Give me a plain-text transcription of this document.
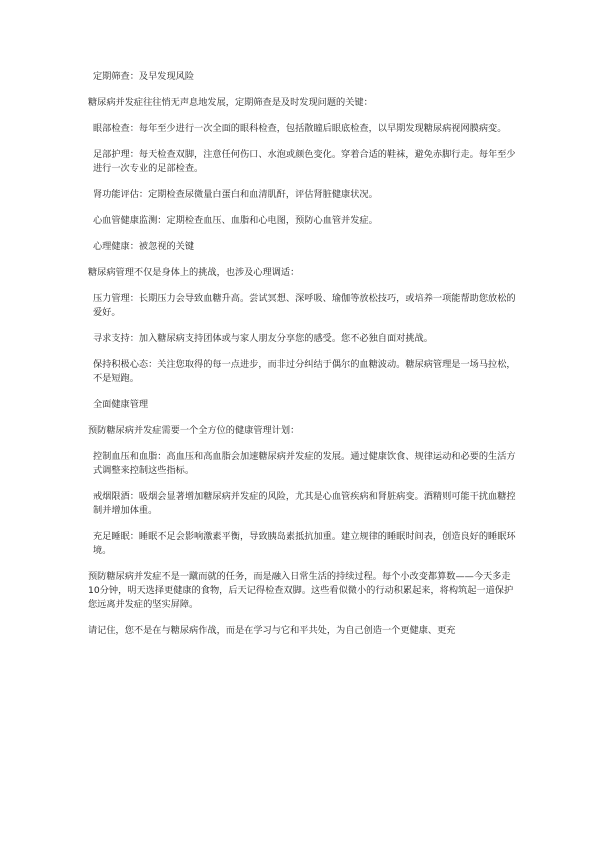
定期筛查：及早发现风险

糖尿病并发症往往悄无声息地发展，定期筛查是及时发现问题的关键：

眼部检查：每年至少进行一次全面的眼科检查，包括散瞳后眼底检查，以早期发现糖尿病视网膜病变。

足部护理：每天检查双脚，注意任何伤口、水泡或颜色变化。穿着合适的鞋袜，避免赤脚行走。每年至少进行一次专业的足部检查。

肾功能评估：定期检查尿微量白蛋白和血清肌酐，评估肾脏健康状况。

心血管健康监测：定期检查血压、血脂和心电图，预防心血管并发症。

心理健康：被忽视的关键

糖尿病管理不仅是身体上的挑战，也涉及心理调适：

压力管理：长期压力会导致血糖升高。尝试冥想、深呼吸、瑜伽等放松技巧，或培养一项能帮助您放松的爱好。

寻求支持：加入糖尿病支持团体或与家人朋友分享您的感受。您不必独自面对挑战。

保持积极心态：关注您取得的每一点进步，而非过分纠结于偶尔的血糖波动。糖尿病管理是一场马拉松，不是短跑。

全面健康管理

预防糖尿病并发症需要一个全方位的健康管理计划：

控制血压和血脂：高血压和高血脂会加速糖尿病并发症的发展。通过健康饮食、规律运动和必要的生活方式调整来控制这些指标。

戒烟限酒：吸烟会显著增加糖尿病并发症的风险，尤其是心血管疾病和肾脏病变。酒精则可能干扰血糖控制并增加体重。

充足睡眠：睡眠不足会影响激素平衡，导致胰岛素抵抗加重。建立规律的睡眠时间表，创造良好的睡眠环境。

预防糖尿病并发症不是一蹴而就的任务，而是融入日常生活的持续过程。每个小改变都算数——今天多走10分钟，明天选择更健康的食物，后天记得检查双脚。这些看似微小的行动积累起来，将构筑起一道保护您远离并发症的坚实屏障。

请记住，您不是在与糖尿病作战，而是在学习与它和平共处，为自己创造一个更健康、更充
